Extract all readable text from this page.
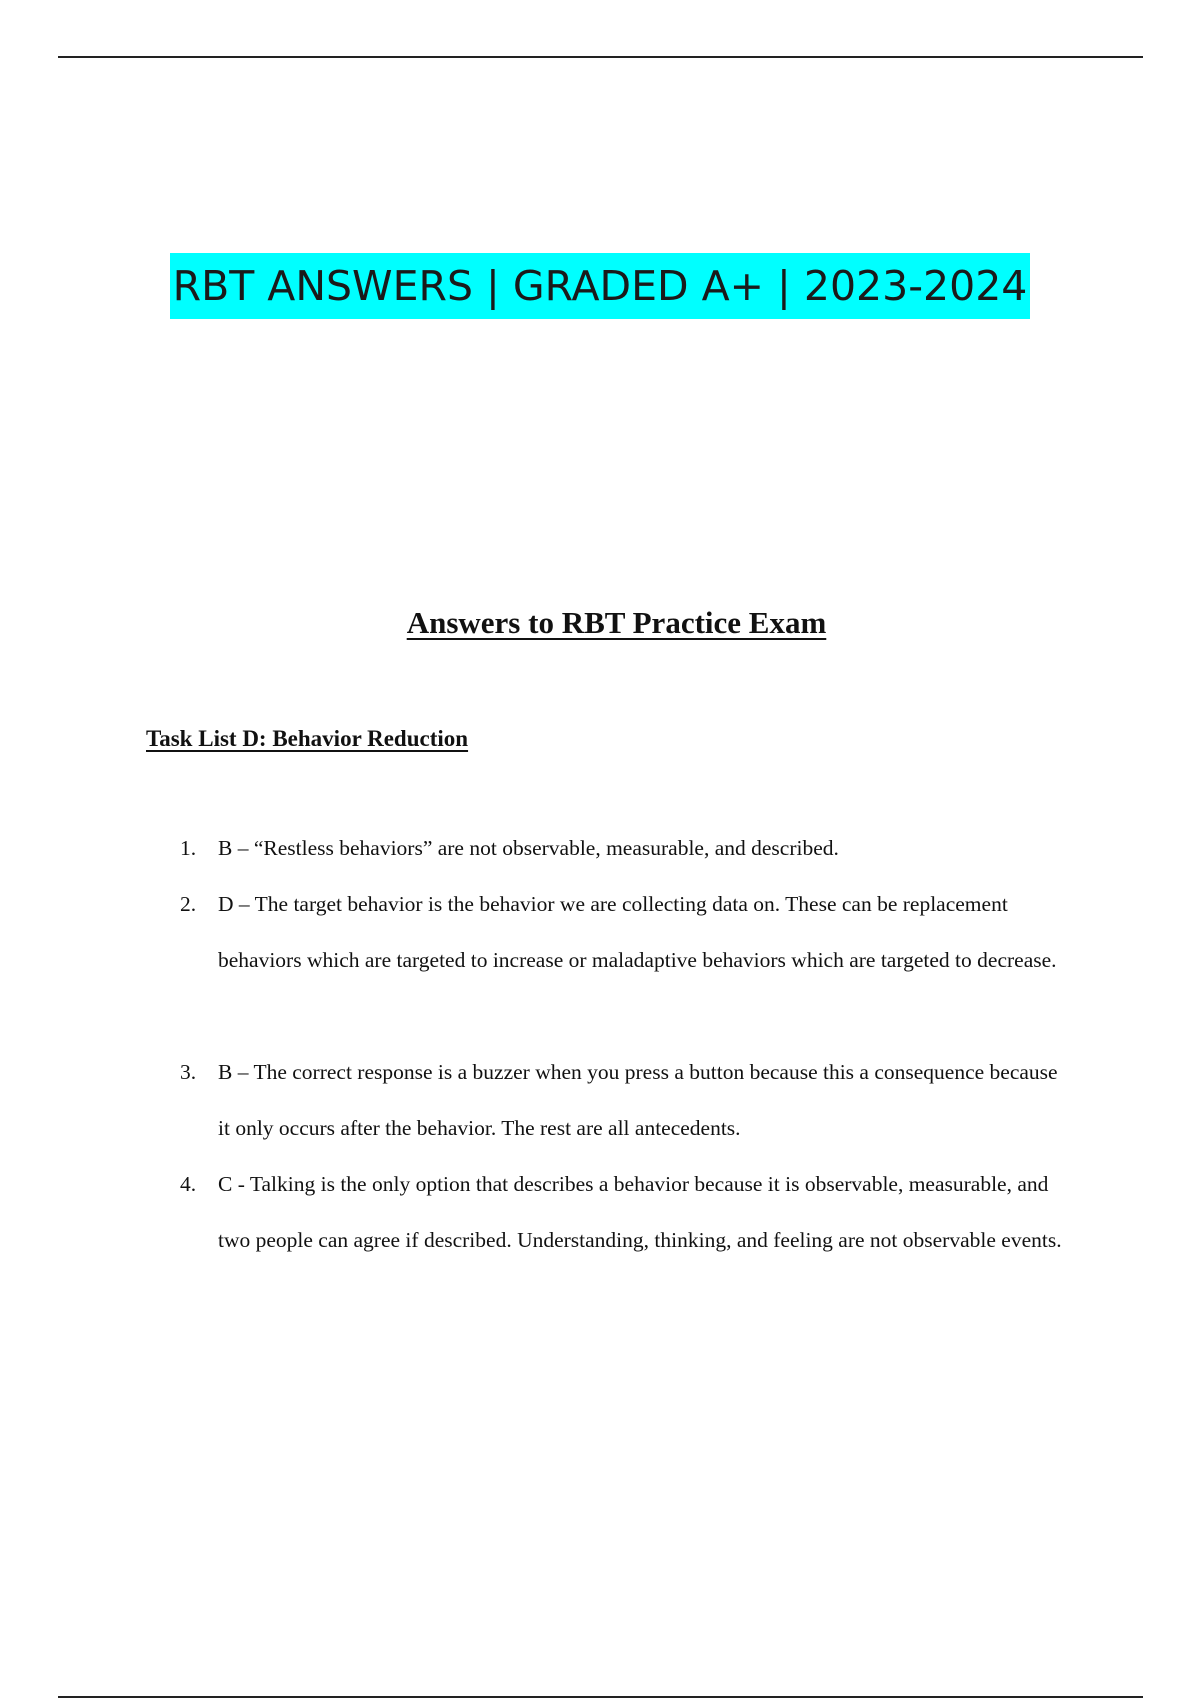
RBT ANSWERS | GRADED A+ | 2023-2024
Answers to RBT Practice Exam
Task List D: Behavior Reduction
1. B – “Restless behaviors” are not observable, measurable, and described.
2. D – The target behavior is the behavior we are collecting data on. These can be replacement behaviors which are targeted to increase or maladaptive behaviors which are targeted to decrease.
3. B – The correct response is a buzzer when you press a button because this a consequence because it only occurs after the behavior. The rest are all antecedents.
4. C - Talking is the only option that describes a behavior because it is observable, measurable, and two people can agree if described. Understanding, thinking, and feeling are not observable events.
